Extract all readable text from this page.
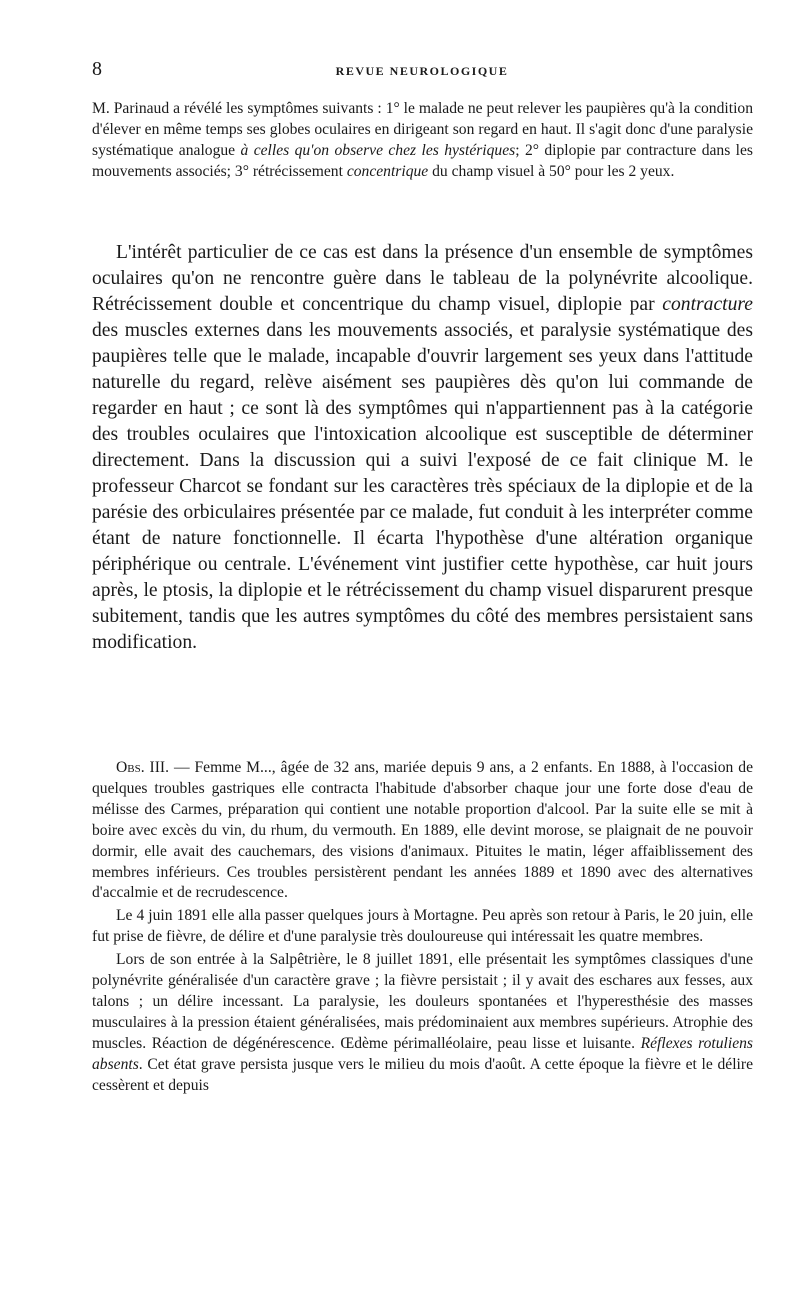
8	REVUE NEUROLOGIQUE

M. Parinaud a révélé les symptômes suivants : 1° le malade ne peut relever les paupières qu'à la condition d'élever en même temps ses globes oculaires en dirigeant son regard en haut. Il s'agit donc d'une paralysie systématique analogue à celles qu'on observe chez les hystériques; 2° diplopie par contracture dans les mouvements associés; 3° rétrécissement concentrique du champ visuel à 50° pour les 2 yeux.

L'intérêt particulier de ce cas est dans la présence d'un ensemble de symptômes oculaires qu'on ne rencontre guère dans le tableau de la polynévrite alcoolique. Rétrécissement double et concentrique du champ visuel, diplopie par contracture des muscles externes dans les mouvements associés, et paralysie systématique des paupières telle que le malade, incapable d'ouvrir largement ses yeux dans l'attitude naturelle du regard, relève aisément ses paupières dès qu'on lui commande de regarder en haut ; ce sont là des symptômes qui n'appartiennent pas à la catégorie des troubles oculaires que l'intoxication alcoolique est susceptible de déterminer directement. Dans la discussion qui a suivi l'exposé de ce fait clinique M. le professeur Charcot se fondant sur les caractères très spéciaux de la diplopie et de la parésie des orbiculaires présentée par ce malade, fut conduit à les interpréter comme étant de nature fonctionnelle. Il écarta l'hypothèse d'une altération organique périphérique ou centrale. L'événement vint justifier cette hypothèse, car huit jours après, le ptosis, la diplopie et le rétrécissement du champ visuel disparurent presque subitement, tandis que les autres symptômes du côté des membres persistaient sans modification.

Obs. III. — Femme M..., âgée de 32 ans, mariée depuis 9 ans, a 2 enfants. En 1888, à l'occasion de quelques troubles gastriques elle contracta l'habitude d'absorber chaque jour une forte dose d'eau de mélisse des Carmes, préparation qui contient une notable proportion d'alcool. Par la suite elle se mit à boire avec excès du vin, du rhum, du vermouth. En 1889, elle devint morose, se plaignait de ne pouvoir dormir, elle avait des cauchemars, des visions d'animaux. Pituites le matin, léger affaiblissement des membres inférieurs. Ces troubles persistèrent pendant les années 1889 et 1890 avec des alternatives d'accalmie et de recrudescence.

Le 4 juin 1891 elle alla passer quelques jours à Mortagne. Peu après son retour à Paris, le 20 juin, elle fut prise de fièvre, de délire et d'une paralysie très douloureuse qui intéressait les quatre membres.

Lors de son entrée à la Salpêtrière, le 8 juillet 1891, elle présentait les symptômes classiques d'une polynévrite généralisée d'un caractère grave ; la fièvre persistait ; il y avait des eschares aux fesses, aux talons ; un délire incessant. La paralysie, les douleurs spontanées et l'hyperesthésie des masses musculaires à la pression étaient généralisées, mais prédominaient aux membres supérieurs. Atrophie des muscles. Réaction de dégénérescence. Œdème périmalléolaire, peau lisse et luisante. Réflexes rotuliens absents. Cet état grave persista jusque vers le milieu du mois d'août. A cette époque la fièvre et le délire cessèrent et depuis
